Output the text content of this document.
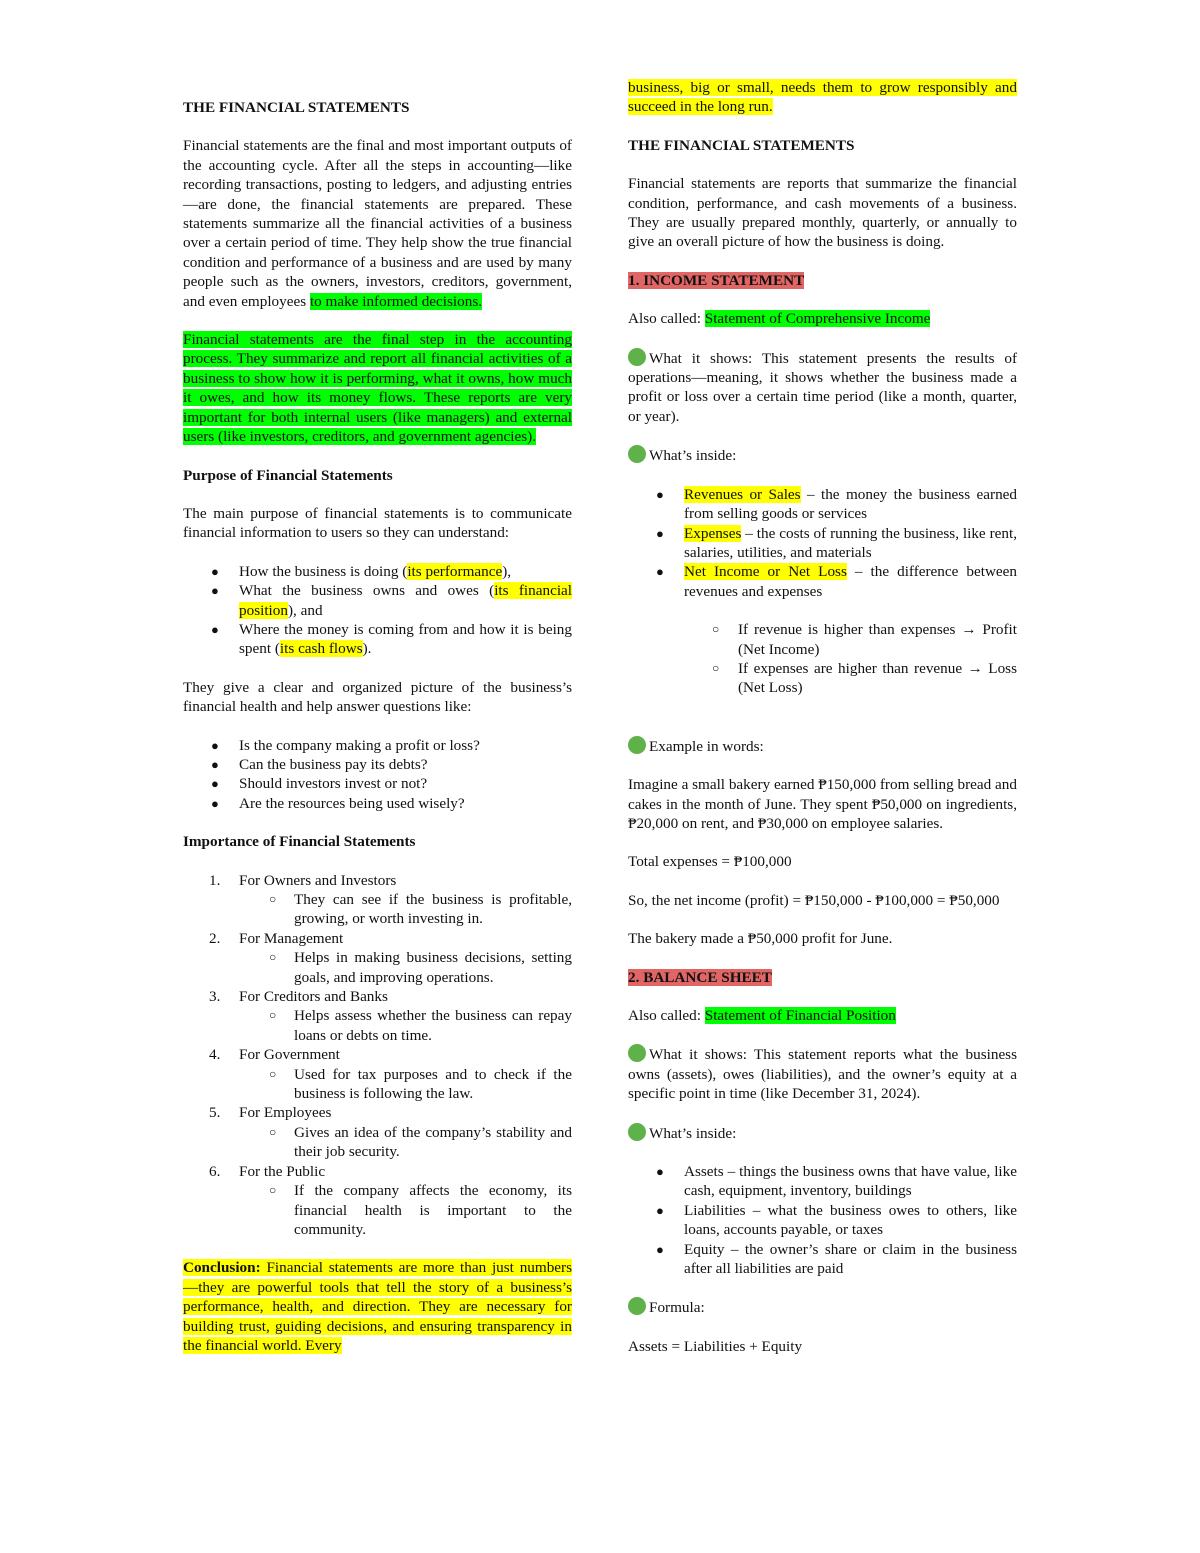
THE FINANCIAL STATEMENTS

Financial statements are the final and most important outputs of the accounting cycle. After all the steps in accounting—like recording transactions, posting to ledgers, and adjusting entries—are done, the financial statements are prepared. These statements summarize all the financial activities of a business over a certain period of time. They help show the true financial condition and performance of a business and are used by many people such as the owners, investors, creditors, government, and even employees to make informed decisions.

Financial statements are the final step in the accounting process. They summarize and report all financial activities of a business to show how it is performing, what it owns, how much it owes, and how its money flows. These reports are very important for both internal users (like managers) and external users (like investors, creditors, and government agencies).

Purpose of Financial Statements

The main purpose of financial statements is to communicate financial information to users so they can understand:

● How the business is doing (its performance),
● What the business owns and owes (its financial position), and
● Where the money is coming from and how it is being spent (its cash flows).

They give a clear and organized picture of the business’s financial health and help answer questions like:

● Is the company making a profit or loss?
● Can the business pay its debts?
● Should investors invest or not?
● Are the resources being used wisely?

Importance of Financial Statements

1. For Owners and Investors
○ They can see if the business is profitable, growing, or worth investing in.
2. For Management
○ Helps in making business decisions, setting goals, and improving operations.
3. For Creditors and Banks
○ Helps assess whether the business can repay loans or debts on time.
4. For Government
○ Used for tax purposes and to check if the business is following the law.
5. For Employees
○ Gives an idea of the company’s stability and their job security.
6. For the Public
○ If the company affects the economy, its financial health is important to the community.

Conclusion: Financial statements are more than just numbers—they are powerful tools that tell the story of a business’s performance, health, and direction. They are necessary for building trust, guiding decisions, and ensuring transparency in the financial world. Every

business, big or small, needs them to grow responsibly and succeed in the long run.

THE FINANCIAL STATEMENTS

Financial statements are reports that summarize the financial condition, performance, and cash movements of a business. They are usually prepared monthly, quarterly, or annually to give an overall picture of how the business is doing.

1. INCOME STATEMENT

Also called: Statement of Comprehensive Income

What it shows: This statement presents the results of operations—meaning, it shows whether the business made a profit or loss over a certain time period (like a month, quarter, or year).

What’s inside:

● Revenues or Sales – the money the business earned from selling goods or services
● Expenses – the costs of running the business, like rent, salaries, utilities, and materials
● Net Income or Net Loss – the difference between revenues and expenses
○ If revenue is higher than expenses → Profit (Net Income)
○ If expenses are higher than revenue → Loss (Net Loss)

Example in words:

Imagine a small bakery earned ₱150,000 from selling bread and cakes in the month of June. They spent ₱50,000 on ingredients, ₱20,000 on rent, and ₱30,000 on employee salaries.

Total expenses = ₱100,000

So, the net income (profit) = ₱150,000 - ₱100,000 = ₱50,000

The bakery made a ₱50,000 profit for June.

2. BALANCE SHEET

Also called: Statement of Financial Position

What it shows: This statement reports what the business owns (assets), owes (liabilities), and the owner’s equity at a specific point in time (like December 31, 2024).

What’s inside:

● Assets – things the business owns that have value, like cash, equipment, inventory, buildings
● Liabilities – what the business owes to others, like loans, accounts payable, or taxes
● Equity – the owner’s share or claim in the business after all liabilities are paid

Formula:

Assets = Liabilities + Equity
